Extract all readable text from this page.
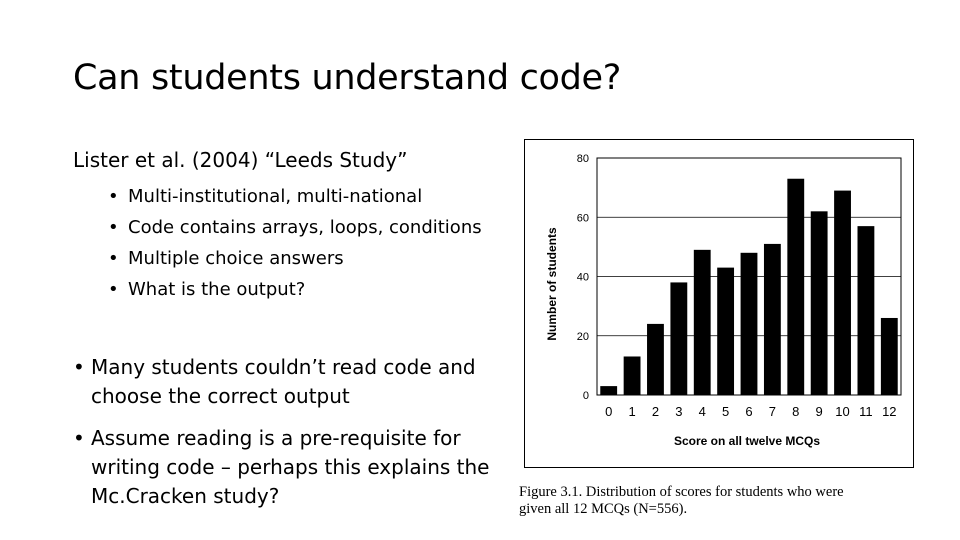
Can students understand code?
Lister et al. (2004) “Leeds Study”
• Multi-institutional, multi-national
• Code contains arrays, loops, conditions
• Multiple choice answers
• What is the output?
• Many students couldn’t read code and choose the correct output
• Assume reading is a pre-requisite for writing code – perhaps this explains the Mc.Cracken study?
0
20
40
60
80
0 1 2 3 4 5 6 7 8 9 10 11 12
Number of students
Score on all twelve MCQs
Figure 3.1. Distribution of scores for students who were
given all 12 MCQs (N=556).
